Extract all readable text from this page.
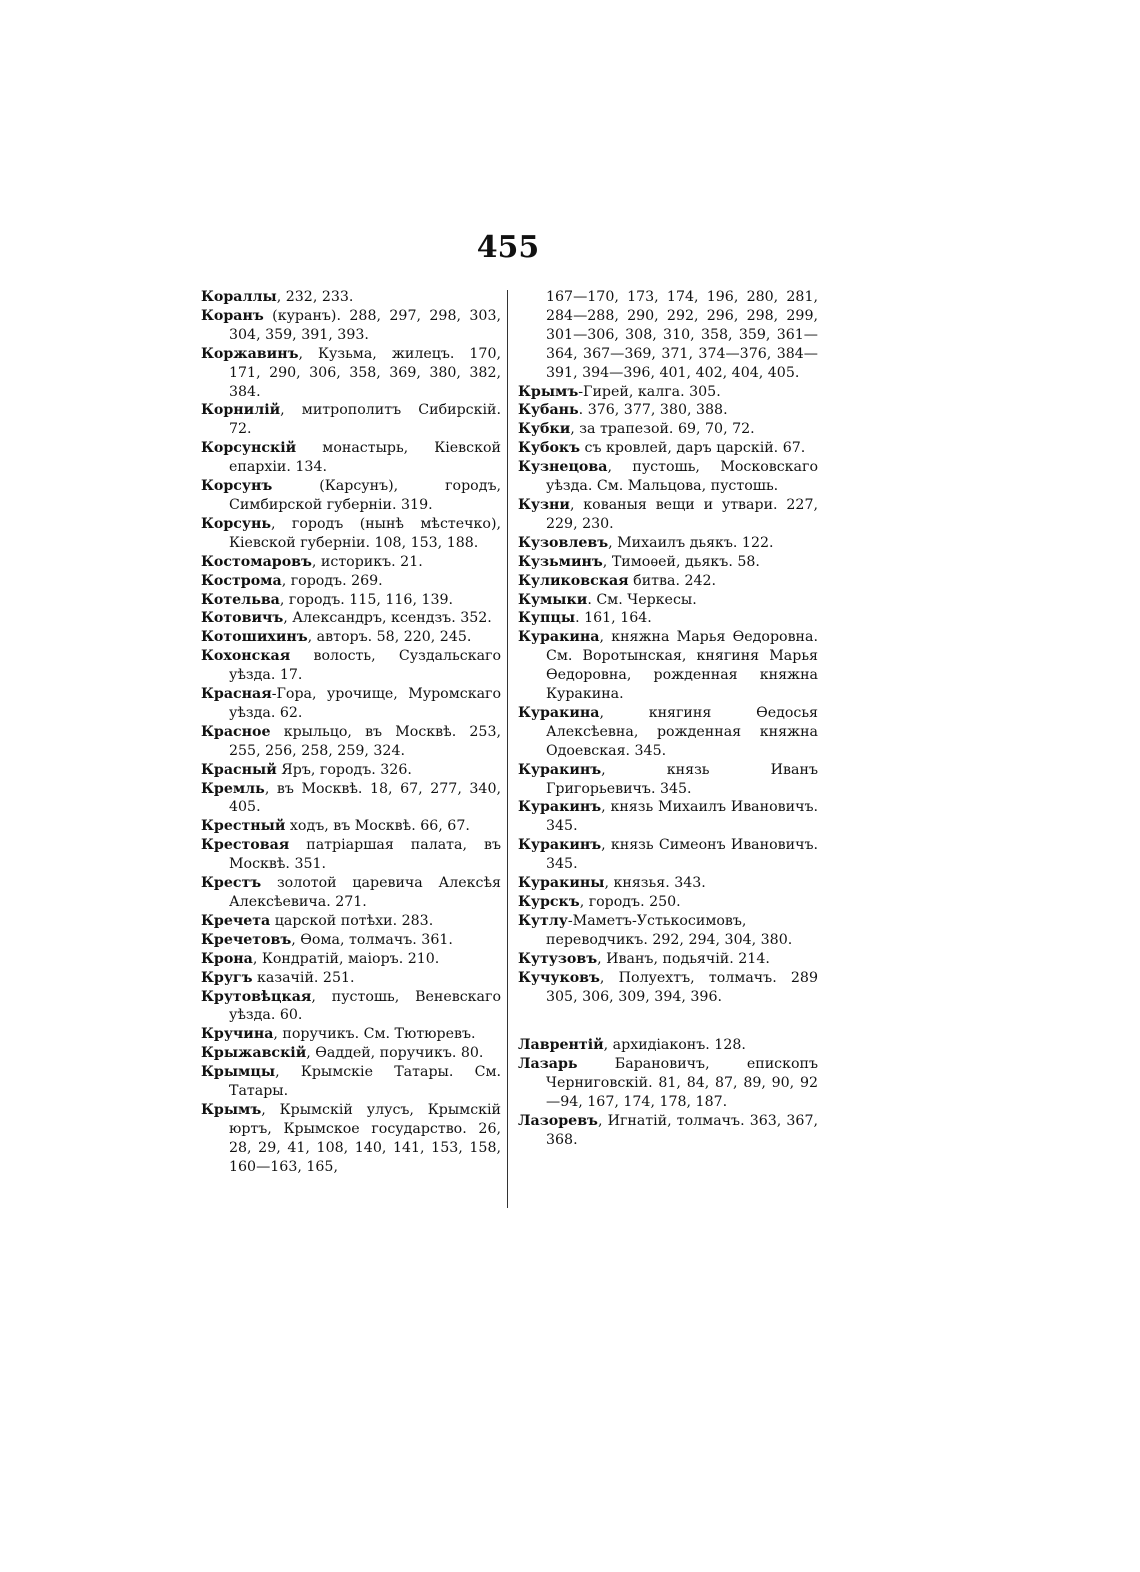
455

Кораллы, 232, 233.

Коранъ (куранъ). 288, 297, 298, 303, 304, 359, 391, 393.

Коржавинъ, Кузьма, жилецъ. 170, 171, 290, 306, 358, 369, 380, 382, 384.

Корнилій, митрополитъ Сибирскій. 72.

Корсунскій монастырь, Кіевской епархіи. 134.

Корсунъ (Карсунъ), городъ, Симбирской губерніи. 319.

Корсунь, городъ (нынѣ мѣстечко), Кіевской губерніи. 108, 153, 188.

Костомаровъ, историкъ. 21.

Кострома, городъ. 269.

Котельва, городъ. 115, 116, 139.

Котовичъ, Александръ, ксендзъ. 352.

Котошихинъ, авторъ. 58, 220, 245.

Кохонская волость, Суздальскаго уѣзда. 17.

Красная-Гора, урочище, Муромскаго уѣзда. 62.

Красное крыльцо, въ Москвѣ. 253, 255, 256, 258, 259, 324.

Красный Яръ, городъ. 326.

Кремль, въ Москвѣ. 18, 67, 277, 340, 405.

Крестный ходъ, въ Москвѣ. 66, 67.

Крестовая патріаршая палата, въ Москвѣ. 351.

Крестъ золотой царевича Алексѣя Алексѣевича. 271.

Кречета царской потѣхи. 283.

Кречетовъ, Ѳома, толмачъ. 361.

Крона, Кондратій, маіоръ. 210.

Кругъ казачій. 251.

Крутовѣцкая, пустошь, Веневскаго уѣзда. 60.

Кручина, поручикъ. См. Тютюревъ.

Крыжавскій, Ѳаддей, поручикъ. 80.

Крымцы, Крымскіе Татары. См. Татары.

Крымъ, Крымскій улусъ, Крымскій юртъ, Крымское государство. 26, 28, 29, 41, 108, 140, 141, 153, 158, 160—163, 165,

167—170, 173, 174, 196, 280, 281, 284—288, 290, 292, 296, 298, 299, 301—306, 308, 310, 358, 359, 361—364, 367—369, 371, 374—376, 384—391, 394—396, 401, 402, 404, 405.

Крымъ-Гирей, калга. 305.

Кубань. 376, 377, 380, 388.

Кубки, за трапезой. 69, 70, 72.

Кубокъ съ кровлей, даръ царскій. 67.

Кузнецова, пустошь, Московскаго уѣзда. См. Мальцова, пустошь.

Кузни, кованыя вещи и утвари. 227, 229, 230.

Кузовлевъ, Михаилъ дьякъ. 122.

Кузьминъ, Тимоѳей, дьякъ. 58.

Куликовская битва. 242.

Кумыки. См. Черкесы.

Купцы. 161, 164.

Куракина, княжна Марья Ѳедоровна. См. Воротынская, княгиня Марья Ѳедоровна, рожденная княжна Куракина.

Куракина, княгиня Ѳедосья Алексѣевна, рожденная княжна Одоевская. 345.

Куракинъ, князь Иванъ Григорьевичъ. 345.

Куракинъ, князь Михаилъ Ивановичъ. 345.

Куракинъ, князь Симеонъ Ивановичъ. 345.

Куракины, князья. 343.

Курскъ, городъ. 250.

Кутлу-Маметъ-Устькосимовъ, переводчикъ. 292, 294, 304, 380.

Кутузовъ, Иванъ, подьячій. 214.

Кучуковъ, Полуехтъ, толмачъ. 289 305, 306, 309, 394, 396.

Лаврентій, архидіаконъ. 128.

Лазарь Барановичъ, епископъ Черниговскій. 81, 84, 87, 89, 90, 92—94, 167, 174, 178, 187.

Лазоревъ, Игнатій, толмачъ. 363, 367, 368.
